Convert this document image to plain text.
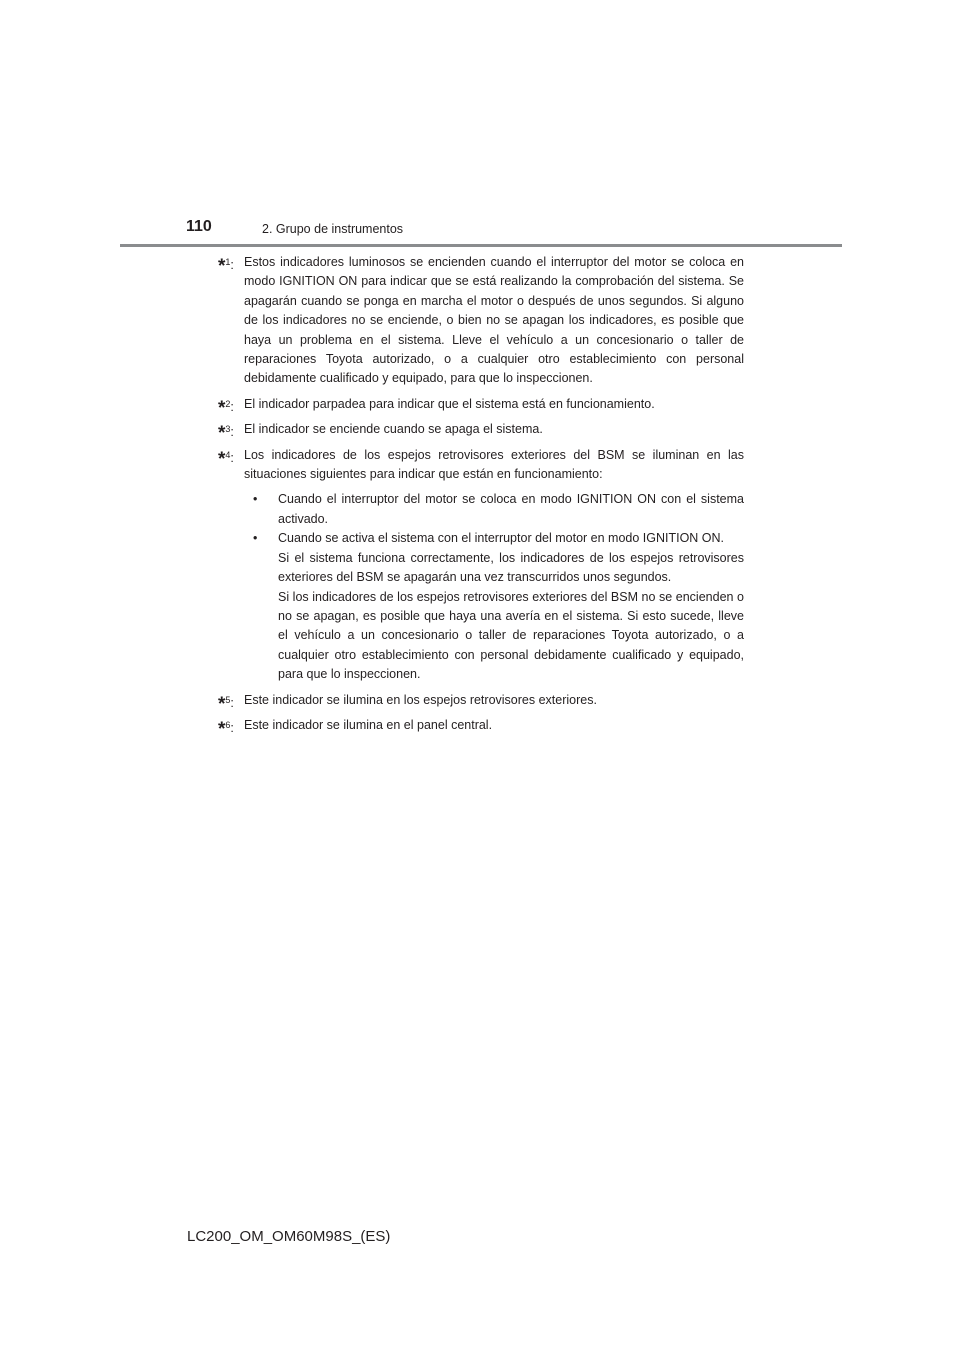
110	2. Grupo de instrumentos
*$^1$: Estos indicadores luminosos se encienden cuando el interruptor del motor se coloca en modo IGNITION ON para indicar que se está realizando la comprobación del sistema. Se apagarán cuando se ponga en marcha el motor o después de unos segundos. Si alguno de los indicadores no se enciende, o bien no se apagan los indicadores, es posible que haya un problema en el sistema. Lleve el vehículo a un concesionario o taller de reparaciones Toyota autorizado, o a cualquier otro establecimiento con personal debidamente cualificado y equipado, para que lo inspeccionen.
*$^2$: El indicador parpadea para indicar que el sistema está en funcionamiento.
*$^3$: El indicador se enciende cuando se apaga el sistema.
*$^4$: Los indicadores de los espejos retrovisores exteriores del BSM se iluminan en las situaciones siguientes para indicar que están en funcionamiento:
• Cuando el interruptor del motor se coloca en modo IGNITION ON con el sistema activado.
• Cuando se activa el sistema con el interruptor del motor en modo IGNITION ON.
Si el sistema funciona correctamente, los indicadores de los espejos retrovisores exteriores del BSM se apagarán una vez transcurridos unos segundos.
Si los indicadores de los espejos retrovisores exteriores del BSM no se encienden o no se apagan, es posible que haya una avería en el sistema. Si esto sucede, lleve el vehículo a un concesionario o taller de reparaciones Toyota autorizado, o a cualquier otro establecimiento con personal debidamente cualificado y equipado, para que lo inspeccionen.
*$^5$: Este indicador se ilumina en los espejos retrovisores exteriores.
*$^6$: Este indicador se ilumina en el panel central.
LC200_OM_OM60M98S_(ES)
